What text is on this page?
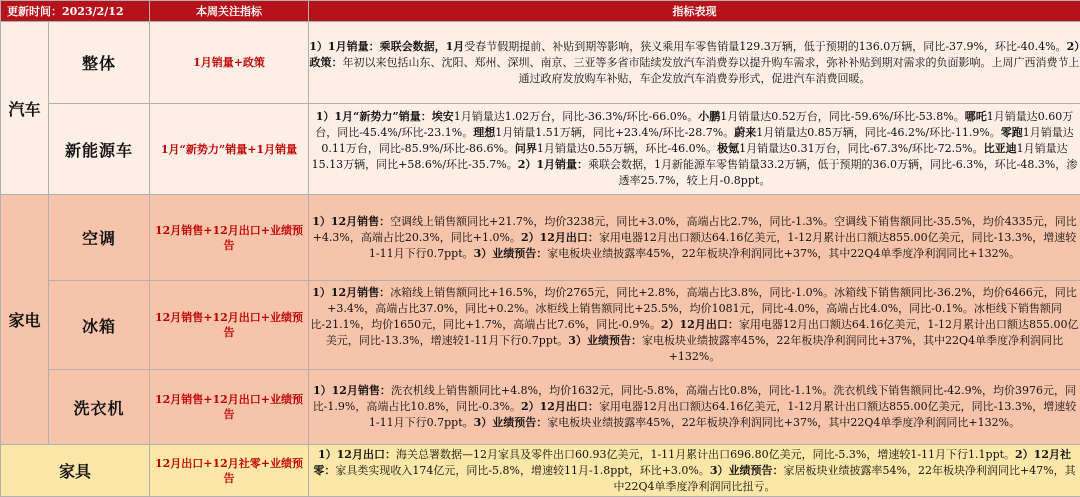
更新时间：2023/2/12		本周关注指标	指标表现
汽车	整体	1月销量+政策	1）1月销量：乘联会数据，1月受春节假期提前、补贴到期等影响，狭义乘用车零售销量129.3万辆，低于预期的136.0万辆，同比-37.9%，环比-40.4%。2）政策：年初以来包括山东、沈阳、郑州、深圳、南京、三亚等多省市陆续发放汽车消费券以提升购车需求，弥补补贴到期对需求的负面影响。上周广西消费节上通过政府发放购车补贴，车企发放汽车消费券形式，促进汽车消费回暖。
	新能源车	1月“新势力”销量+1月销量	1）1月“新势力”销量：埃安1月销量达1.02万台，同比-36.3%/环比-66.0%。小鹏1月销量达0.52万台，同比-59.6%/环比-53.8%。哪吒1月销量达0.60万台，同比-45.4%/环比-23.1%。理想1月销量1.51万辆，同比+23.4%/环比-28.7%。蔚来1月销量达0.85万辆，同比-46.2%/环比-11.9%。零跑1月销量达0.11万台，同比-85.9%/环比-86.6%。问界1月销量达0.55万辆，环比-46.0%。极氪1月销量达0.31万台，同比-67.3%/环比-72.5%。比亚迪1月销量达15.13万辆，同比+58.6%/环比-35.7%。2）1月销量：乘联会数据，1月新能源车零售销量33.2万辆，低于预期的36.0万辆，同比-6.3%，环比-48.3%，渗透率25.7%，较上月-0.8ppt。
家电	空调	12月销售+12月出口+业绩预告	1）12月销售：空调线上销售额同比+21.7%，均价3238元，同比+3.0%，高端占比2.7%，同比-1.3%。空调线下销售额同比-35.5%，均价4335元，同比+4.3%，高端占比20.3%，同比+1.0%。2）12月出口：家用电器12月出口额达64.16亿美元，1-12月累计出口额达855.00亿美元，同比-13.3%，增速较1-11月下行0.7ppt。3）业绩预告：家电板块业绩披露率45%，22年板块净利润同比+37%，其中22Q4单季度净利润同比+132%。
	冰箱	12月销售+12月出口+业绩预告	1）12月销售：冰箱线上销售额同比+16.5%，均价2765元，同比+2.8%，高端占比3.8%，同比-1.0%。冰箱线下销售额同比-36.2%，均价6466元，同比+3.4%，高端占比37.0%，同比+0.2%。冰柜线上销售额同比+25.5%，均价1081元，同比-4.0%，高端占比4.0%，同比-0.1%。冰柜线下销售额同比-21.1%，均价1650元，同比+1.7%，高端占比7.6%，同比-0.9%。2）12月出口：家用电器12月出口额达64.16亿美元，1-12月累计出口额达855.00亿美元，同比-13.3%，增速较1-11月下行0.7ppt。3）业绩预告：家电板块业绩披露率45%，22年板块净利润同比+37%，其中22Q4单季度净利润同比+132%。
	洗衣机	12月销售+12月出口+业绩预告	1）12月销售：洗衣机线上销售额同比+4.8%，均价1632元，同比-5.8%，高端占比0.8%，同比-1.1%。洗衣机线下销售额同比-42.9%，均价3976元，同比-1.9%，高端占比10.8%，同比-0.3%。2）12月出口：家用电器12月出口额达64.16亿美元，1-12月累计出口额达855.00亿美元，同比-13.3%，增速较1-11月下行0.7ppt。3）业绩预告：家电板块业绩披露率45%，22年板块净利润同比+37%，其中22Q4单季度净利润同比+132%。
家具		12月出口+12月社零+业绩预告	1）12月出口：海关总署数据—12月家具及零件出口60.93亿美元，1-11月累计出口696.80亿美元，同比-5.3%，增速较1-11月下行1.1ppt。2）12月社零：家具类实现收入174亿元，同比-5.8%，增速较11月-1.8ppt，环比+3.0%。3）业绩预告：家居板块业绩披露率54%，22年板块净利润同比+47%，其中22Q4单季度净利润同比扭亏。
